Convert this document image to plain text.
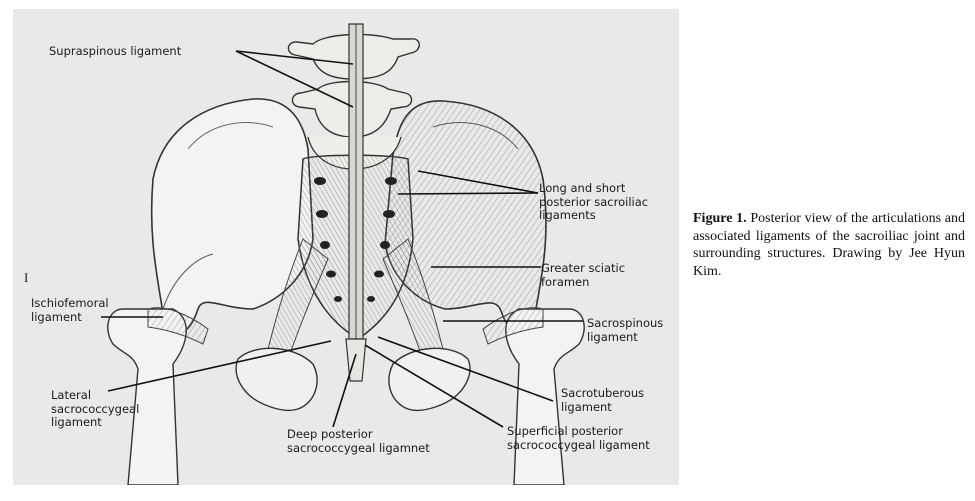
Supraspinous ligament
Long and short
posterior sacroiliac
ligaments
Greater sciatic
foramen
Ischiofemoral
ligament	Sacrospinous
ligament
Lateral
sacrococcygeal
ligament
Sacrotuberous
ligament
Deep posterior
sacrococcygeal ligamnet
Superficial posterior
sacrococcygeal ligament
I
Figure 1. Posterior view of the articulations and associated ligaments of the sacroiliac joint and surrounding structures. Drawing by Jee Hyun Kim.
